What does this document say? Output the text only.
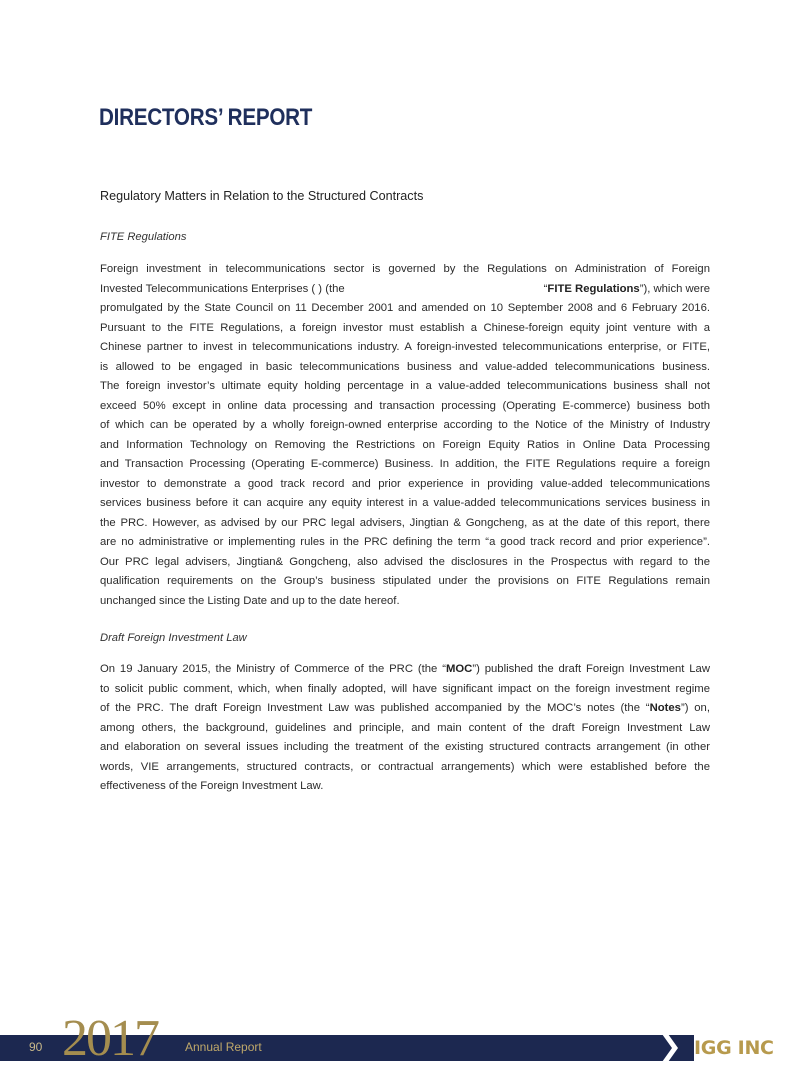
DIRECTORS’ REPORT
Regulatory Matters in Relation to the Structured Contracts
FITE Regulations
Foreign investment in telecommunications sector is governed by the Regulations on Administration of Foreign
Invested Telecommunications Enterprises ( ) (the	“FITE Regulations”), which were
promulgated by the State Council on 11 December 2001 and amended on 10 September 2008 and 6 February 2016.
Pursuant to the FITE Regulations, a foreign investor must establish a Chinese-foreign equity joint venture with a
Chinese partner to invest in telecommunications industry. A foreign-invested telecommunications enterprise, or FITE,
is allowed to be engaged in basic telecommunications business and value-added telecommunications business.
The foreign investor’s ultimate equity holding percentage in a value-added telecommunications business shall not
exceed 50% except in online data processing and transaction processing (Operating E-commerce) business both
of which can be operated by a wholly foreign-owned enterprise according to the Notice of the Ministry of Industry
and Information Technology on Removing the Restrictions on Foreign Equity Ratios in Online Data Processing
and Transaction Processing (Operating E-commerce) Business. In addition, the FITE Regulations require a foreign
investor to demonstrate a good track record and prior experience in providing value-added telecommunications
services business before it can acquire any equity interest in a value-added telecommunications services business in
the PRC. However, as advised by our PRC legal advisers, Jingtian & Gongcheng, as at the date of this report, there
are no administrative or implementing rules in the PRC defining the term “a good track record and prior experience”.
Our PRC legal advisers, Jingtian& Gongcheng, also advised the disclosures in the Prospectus with regard to the
qualification requirements on the Group’s business stipulated under the provisions on FITE Regulations remain
unchanged since the Listing Date and up to the date hereof.
Draft Foreign Investment Law
On 19 January 2015, the Ministry of Commerce of the PRC (the “MOC”) published the draft Foreign Investment Law
to solicit public comment, which, when finally adopted, will have significant impact on the foreign investment regime
of the PRC. The draft Foreign Investment Law was published accompanied by the MOC’s notes (the “Notes”) on,
among others, the background, guidelines and principle, and main content of the draft Foreign Investment Law
and elaboration on several issues including the treatment of the existing structured contracts arrangement (in other
words, VIE arrangements, structured contracts, or contractual arrangements) which were established before the
effectiveness of the Foreign Investment Law.
90 2017 Annual Report	IGG INC
